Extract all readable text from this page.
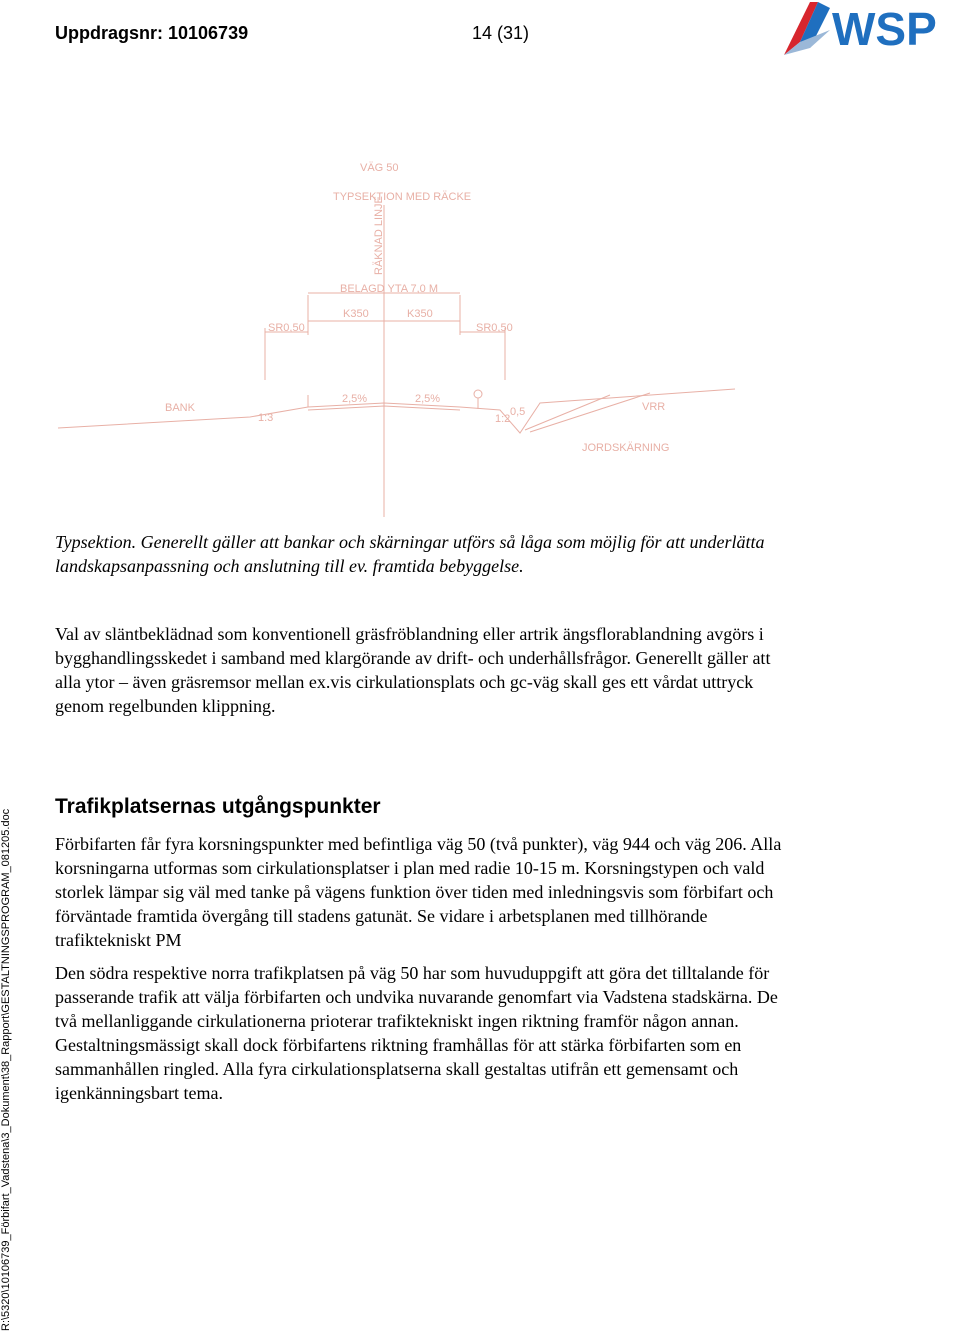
Uppdragsnr: 10106739	14 (31)	WSP
VÄG 50
TYPSEKTION MED RÄCKE
RÄKNAD LINJE
BELAGD YTA 7,0 M
K350	K350
SR0,50	SR0,50
BANK
1:3
2,5%	2,5%
1:2
0,5	VRR
JORDSKÄRNING
Typsektion. Generellt gäller att bankar och skärningar utförs så låga som möjlig för att underlätta landskapsanpassning och anslutning till ev. framtida bebyggelse.
Val av släntbeklädnad som konventionell gräsfröblandning eller artrik ängsflorablandning avgörs i bygghandlingsskedet i samband med klargörande av drift- och underhållsfrågor. Generellt gäller att alla ytor – även gräsremsor mellan ex.vis cirkulationsplats och gc-väg skall ges ett vårdat uttryck genom regelbunden klippning.
Trafikplatsernas utgångspunkter
Förbifarten får fyra korsningspunkter med befintliga väg 50 (två punkter), väg 944 och väg 206. Alla korsningarna utformas som cirkulationsplatser i plan med radie 10-15 m. Korsningstypen och vald storlek lämpar sig väl med tanke på vägens funktion över tiden med inledningsvis som förbifart och förväntade framtida övergång till stadens gatunät. Se vidare i arbetsplanen med tillhörande trafiktekniskt PM
Den södra respektive norra trafikplatsen på väg 50 har som huvuduppgift att göra det tilltalande för passerande trafik att välja förbifarten och undvika nuvarande genomfart via Vadstena stadskärna. De två mellanliggande cirkulationerna prioterar trafiktekniskt ingen riktning framför någon annan. Gestaltningsmässigt skall dock förbifartens riktning framhållas för att stärka förbifarten som en sammanhållen ringled. Alla fyra cirkulationsplatserna skall gestaltas utifrån ett gemensamt och igenkänningsbart tema.
R:\5320\10106739_Förbifart_Vadstena\3_Dokument\38_Rapport\GESTALTNINGSPROGRAM_081205.doc
